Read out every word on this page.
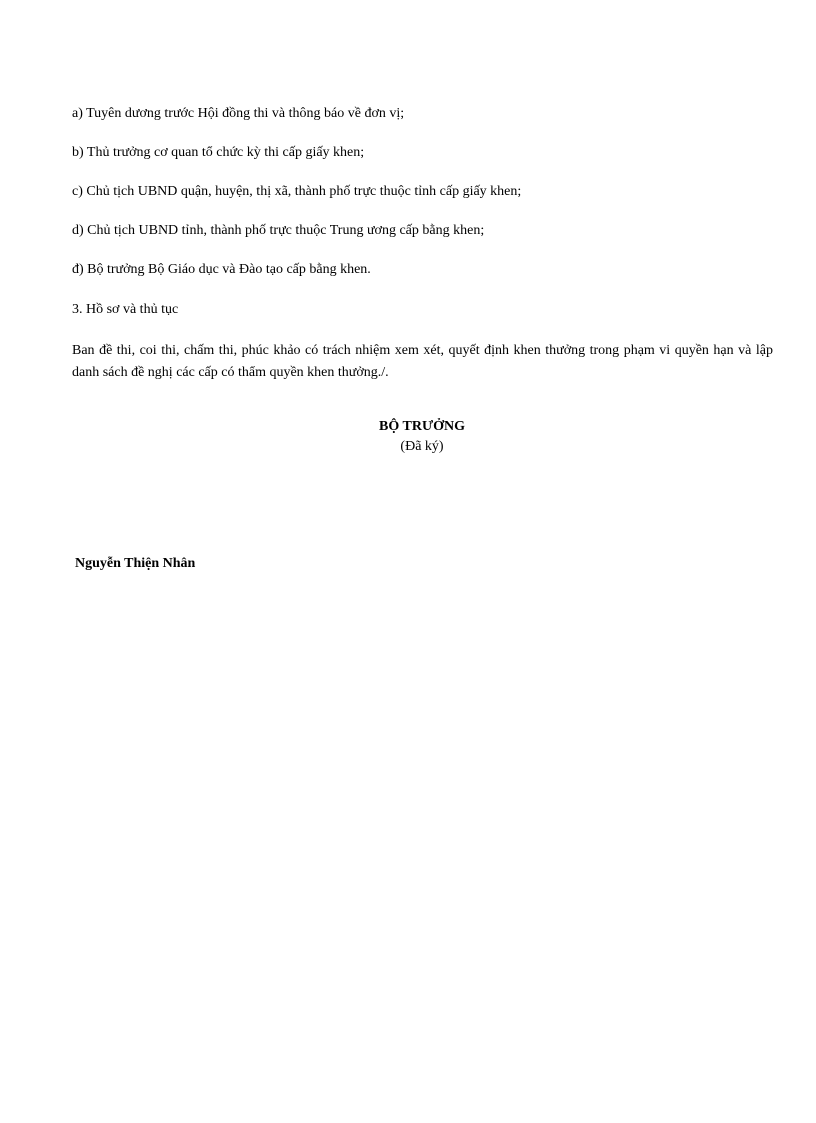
a) Tuyên dương trước Hội đồng thi và thông báo về đơn vị;
b) Thủ trưởng cơ quan tổ chức kỳ thi cấp giấy khen;
c) Chủ tịch UBND quận, huyện, thị xã, thành phố trực thuộc tỉnh cấp giấy khen;
d) Chủ tịch UBND tỉnh, thành phố trực thuộc Trung ương cấp bằng khen;
đ) Bộ trưởng Bộ Giáo dục và Đào tạo cấp bằng khen.
3. Hồ sơ và thủ tục
Ban đề thi, coi thi, chấm thi, phúc khảo có trách nhiệm xem xét, quyết định khen thưởng trong phạm vi quyền hạn và lập danh sách đề nghị các cấp có thẩm quyền khen thưởng./.
BỘ TRƯỞNG
(Đã ký)
Nguyễn Thiện Nhân
